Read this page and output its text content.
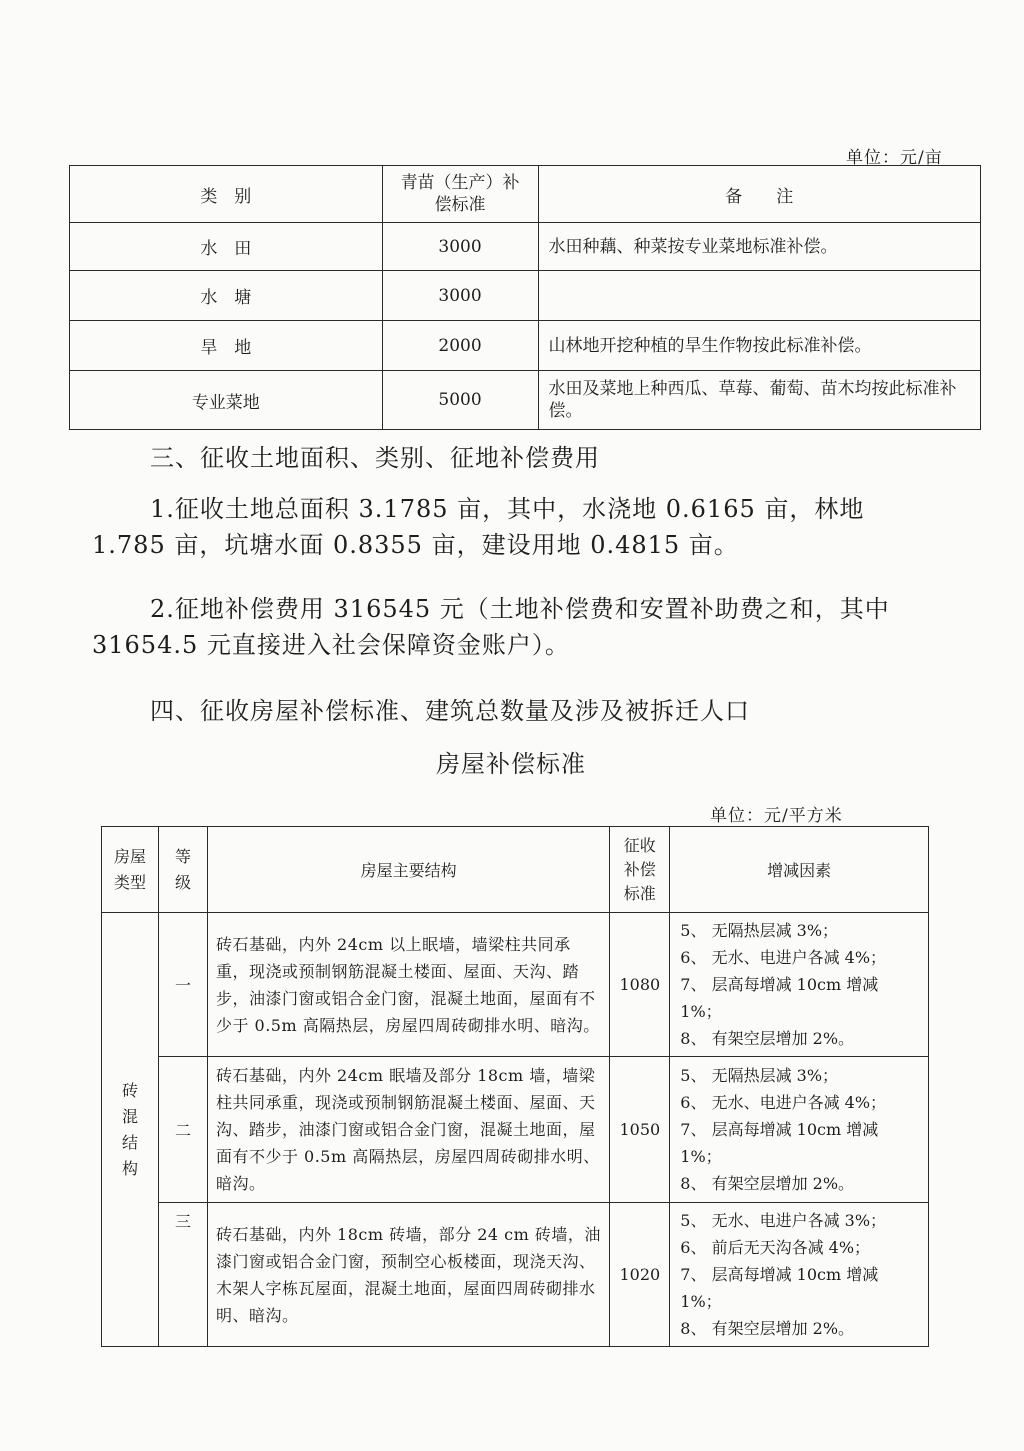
单位：元/亩
类　别	青苗（生产）补偿标准	备　　注
水　田	3000	水田种藕、种菜按专业菜地标准补偿。
水　塘	3000	
旱　地	2000	山林地开挖种植的旱生作物按此标准补偿。
专业菜地	5000	水田及菜地上种西瓜、草莓、葡萄、苗木均按此标准补偿。
三、征收土地面积、类别、征地补偿费用
1.征收土地总面积 3.1785 亩，其中，水浇地 0.6165 亩，林地 1.785 亩，坑塘水面 0.8355 亩，建设用地 0.4815 亩。
2.征地补偿费用 316545 元（土地补偿费和安置补助费之和，其中 31654.5 元直接进入社会保障资金账户）。
四、征收房屋补偿标准、建筑总数量及涉及被拆迁人口
房屋补偿标准
单位：元/平方米
房屋类型	等级	房屋主要结构	征收补偿标准	增减因素

砖混结构	一	砖石基础，内外 24cm 以上眠墙，墙梁柱共同承重，现浇或预制钢筋混凝土楼面、屋面、天沟、踏步，油漆门窗或铝合金门窗，混凝土地面，屋面有不少于 0.5m 高隔热层，房屋四周砖砌排水明、暗沟。	1080	5、 无隔热层减 3%；
6、 无水、电进户各减 4%；
7、 层高每增减 10cm 增减 1%；
8、 有架空层增加 2%。

	二	砖石基础，内外 24cm 眠墙及部分 18cm 墙，墙梁柱共同承重，现浇或预制钢筋混凝土楼面、屋面、天沟、踏步，油漆门窗或铝合金门窗，混凝土地面，屋面有不少于 0.5m 高隔热层，房屋四周砖砌排水明、暗沟。	1050	5、 无隔热层减 3%；
6、 无水、电进户各减 4%；
7、 层高每增减 10cm 增减 1%；
8、 有架空层增加 2%。

	三	砖石基础，内外 18cm 砖墙，部分 24 cm 砖墙，油漆门窗或铝合金门窗，预制空心板楼面，现浇天沟、木架人字栋瓦屋面，混凝土地面，屋面四周砖砌排水明、暗沟。	1020	5、 无水、电进户各减 3%；
6、 前后无天沟各减 4%；
7、 层高每增减 10cm 增减 1%；
8、 有架空层增加 2%。
